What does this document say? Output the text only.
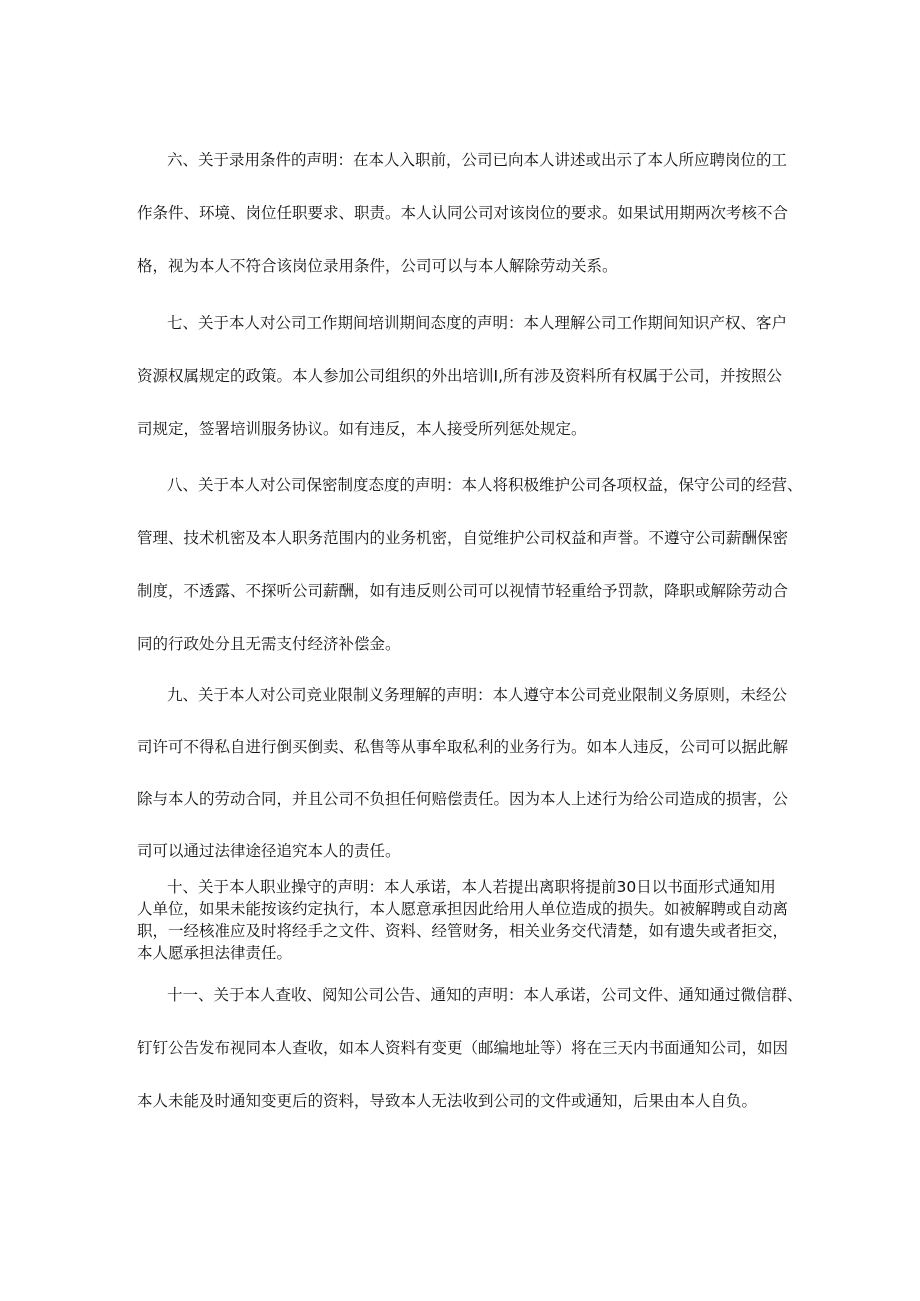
六、关于录用条件的声明：在本人入职前，公司已向本人讲述或出示了本人所应聘岗位的工
作条件、环境、岗位任职要求、职责。本人认同公司对该岗位的要求。如果试用期两次考核不合
格，视为本人不符合该岗位录用条件，公司可以与本人解除劳动关系。
七、关于本人对公司工作期间培训期间态度的声明：本人理解公司工作期间知识产权、客户
资源权属规定的政策。本人参加公司组织的外出培训I,所有涉及资料所有权属于公司，并按照公
司规定，签署培训服务协议。如有违反，本人接受所列惩处规定。
八、关于本人对公司保密制度态度的声明：本人将积极维护公司各项权益，保守公司的经营、
管理、技术机密及本人职务范围内的业务机密，自觉维护公司权益和声誉。不遵守公司薪酬保密
制度，不透露、不探听公司薪酬，如有违反则公司可以视情节轻重给予罚款，降职或解除劳动合
同的行政处分且无需支付经济补偿金。
九、关于本人对公司竞业限制义务理解的声明：本人遵守本公司竞业限制义务原则，未经公
司许可不得私自进行倒买倒卖、私售等从事牟取私利的业务行为。如本人违反，公司可以据此解
除与本人的劳动合同，并且公司不负担任何赔偿责任。因为本人上述行为给公司造成的损害，公
司可以通过法律途径追究本人的责任。
十、关于本人职业操守的声明：本人承诺，本人若提出离职将提前30日以书面形式通知用
人单位，如果未能按该约定执行，本人愿意承担因此给用人单位造成的损失。如被解聘或自动离
职，一经核准应及时将经手之文件、资料、经管财务，相关业务交代清楚，如有遗失或者拒交，
本人愿承担法律责任。
十一、关于本人查收、阅知公司公告、通知的声明：本人承诺，公司文件、通知通过微信群、
钉钉公告发布视同本人查收，如本人资料有变更（邮编地址等）将在三天内书面通知公司，如因
本人未能及时通知变更后的资料，导致本人无法收到公司的文件或通知，后果由本人自负。
